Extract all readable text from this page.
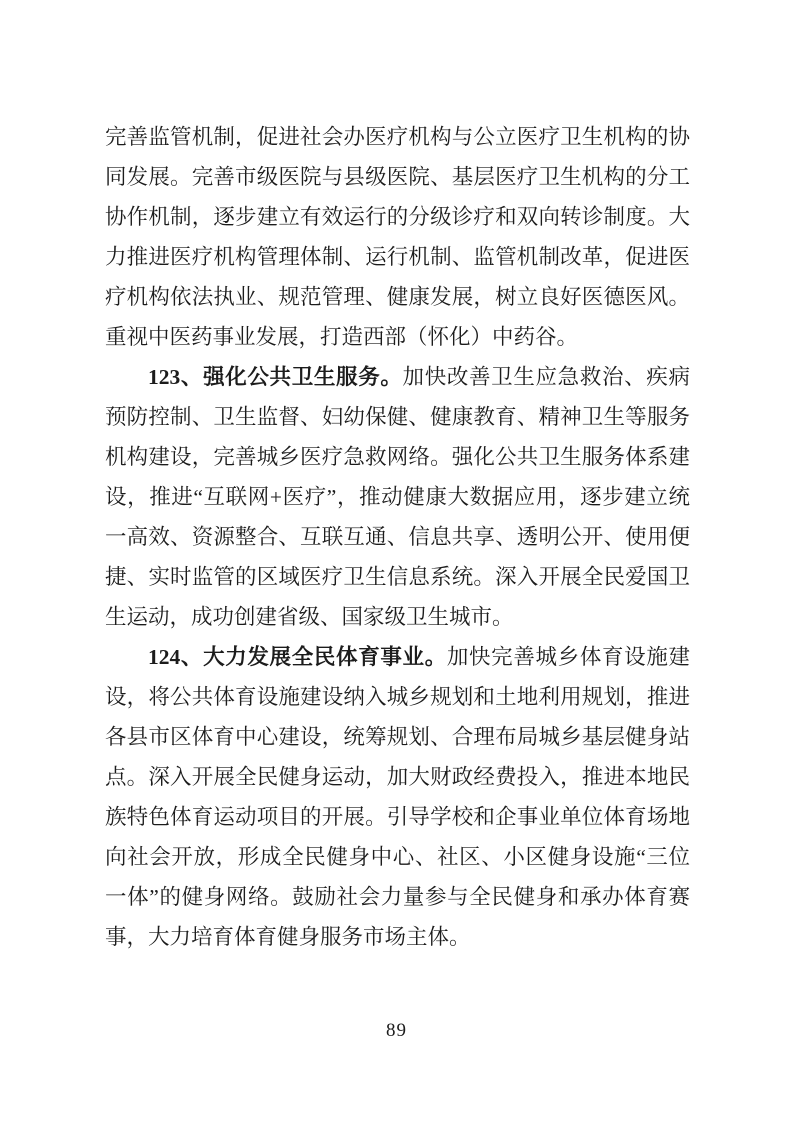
完善监管机制，促进社会办医疗机构与公立医疗卫生机构的协同发展。完善市级医院与县级医院、基层医疗卫生机构的分工协作机制，逐步建立有效运行的分级诊疗和双向转诊制度。大力推进医疗机构管理体制、运行机制、监管机制改革，促进医疗机构依法执业、规范管理、健康发展，树立良好医德医风。重视中医药事业发展，打造西部（怀化）中药谷。

123、强化公共卫生服务。加快改善卫生应急救治、疾病预防控制、卫生监督、妇幼保健、健康教育、精神卫生等服务机构建设，完善城乡医疗急救网络。强化公共卫生服务体系建设，推进“互联网+医疗”，推动健康大数据应用，逐步建立统一高效、资源整合、互联互通、信息共享、透明公开、使用便捷、实时监管的区域医疗卫生信息系统。深入开展全民爱国卫生运动，成功创建省级、国家级卫生城市。

124、大力发展全民体育事业。加快完善城乡体育设施建设，将公共体育设施建设纳入城乡规划和土地利用规划，推进各县市区体育中心建设，统筹规划、合理布局城乡基层健身站点。深入开展全民健身运动，加大财政经费投入，推进本地民族特色体育运动项目的开展。引导学校和企事业单位体育场地向社会开放，形成全民健身中心、社区、小区健身设施“三位一体”的健身网络。鼓励社会力量参与全民健身和承办体育赛事，大力培育体育健身服务市场主体。

89
